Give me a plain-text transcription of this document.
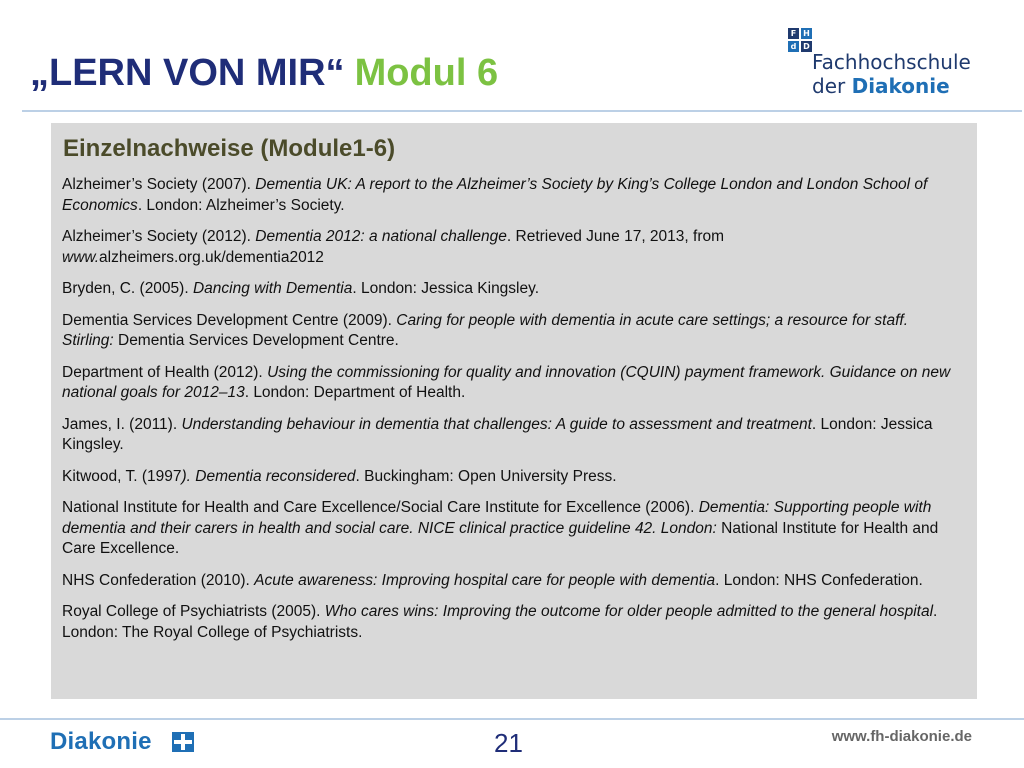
„LERN VON MIR“ Modul 6
F H
d D
Fachhochschule
der Diakonie
Einzelnachweise (Module1-6)

Alzheimer’s Society (2007). Dementia UK: A report to the Alzheimer’s Society by King’s College London and London School of Economics. London: Alzheimer’s Society.

Alzheimer’s Society (2012). Dementia 2012: a national challenge. Retrieved June 17, 2013, from www.alzheimers.org.uk/dementia2012

Bryden, C. (2005). Dancing with Dementia. London: Jessica Kingsley.

Dementia Services Development Centre (2009). Caring for people with dementia in acute care settings; a resource for staff. Stirling: Dementia Services Development Centre.

Department of Health (2012). Using the commissioning for quality and innovation (CQUIN) payment framework. Guidance on new national goals for 2012–13. London: Department of Health.

James, I. (2011). Understanding behaviour in dementia that challenges: A guide to assessment and treatment. London: Jessica Kingsley.

Kitwood, T. (1997). Dementia reconsidered. Buckingham: Open University Press.

National Institute for Health and Care Excellence/Social Care Institute for Excellence (2006). Dementia: Supporting people with dementia and their carers in health and social care. NICE clinical practice guideline 42. London: National Institute for Health and Care Excellence.

NHS Confederation (2010). Acute awareness: Improving hospital care for people with dementia. London: NHS Confederation.

Royal College of Psychiatrists (2005). Who cares wins: Improving the outcome for older people admitted to the general hospital. London: The Royal College of Psychiatrists.

Diakonie	21	www.fh-diakonie.de
